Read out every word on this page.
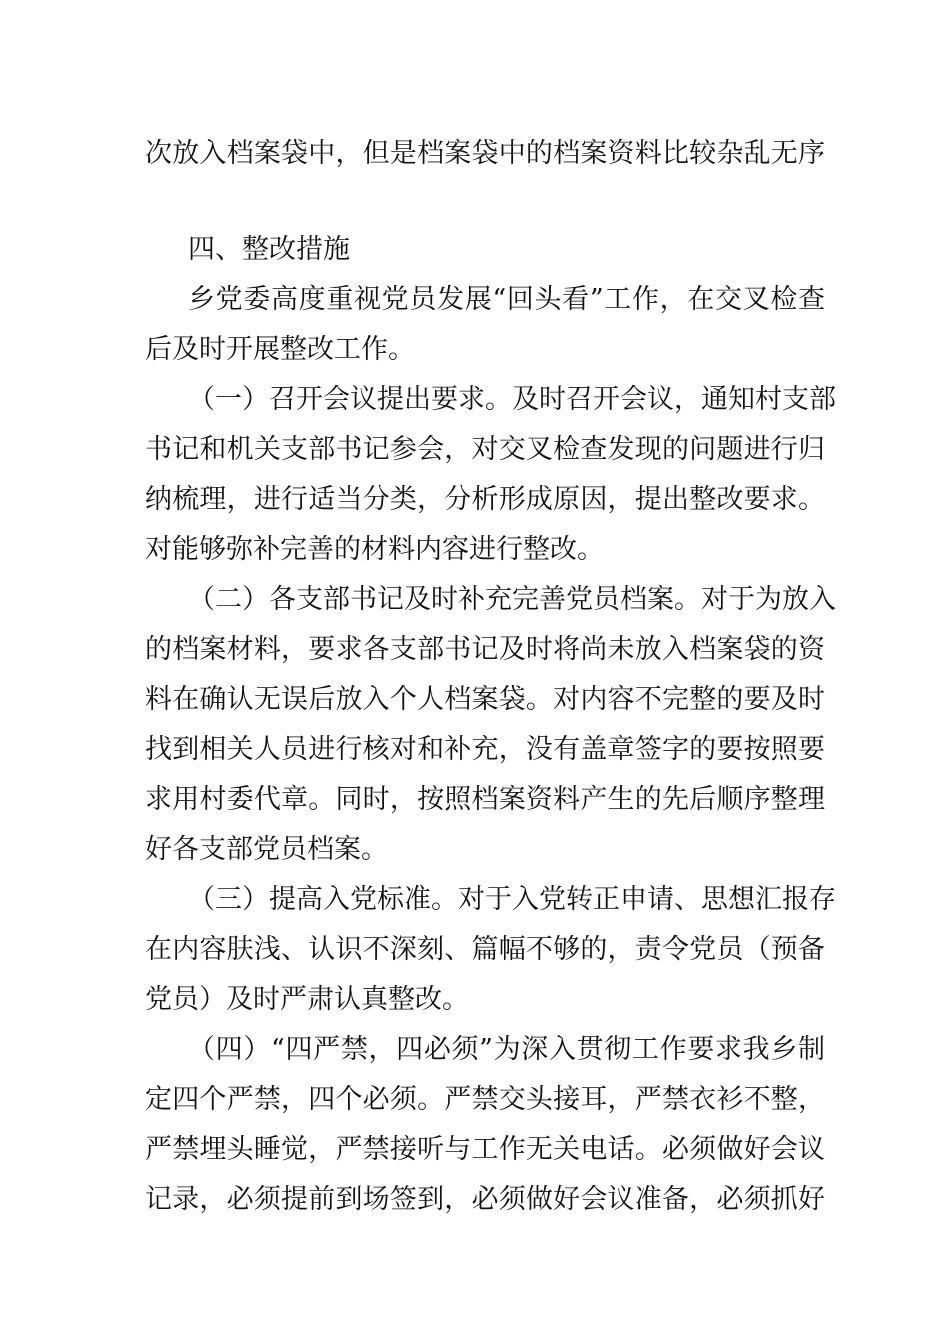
次放入档案袋中，但是档案袋中的档案资料比较杂乱无序
四、整改措施
乡党委高度重视党员发展“回头看”工作，在交叉检查
后及时开展整改工作。
（一）召开会议提出要求。及时召开会议，通知村支部
书记和机关支部书记参会，对交叉检查发现的问题进行归
纳梳理，进行适当分类，分析形成原因，提出整改要求。
对能够弥补完善的材料内容进行整改。
（二）各支部书记及时补充完善党员档案。对于为放入
的档案材料，要求各支部书记及时将尚未放入档案袋的资
料在确认无误后放入个人档案袋。对内容不完整的要及时
找到相关人员进行核对和补充，没有盖章签字的要按照要
求用村委代章。同时，按照档案资料产生的先后顺序整理
好各支部党员档案。
（三）提高入党标准。对于入党转正申请、思想汇报存
在内容肤浅、认识不深刻、篇幅不够的，责令党员（预备
党员）及时严肃认真整改。
（四）“四严禁，四必须”为深入贯彻工作要求我乡制
定四个严禁，四个必须。严禁交头接耳，严禁衣衫不整，
严禁埋头睡觉，严禁接听与工作无关电话。必须做好会议
记录，必须提前到场签到，必须做好会议准备，必须抓好
